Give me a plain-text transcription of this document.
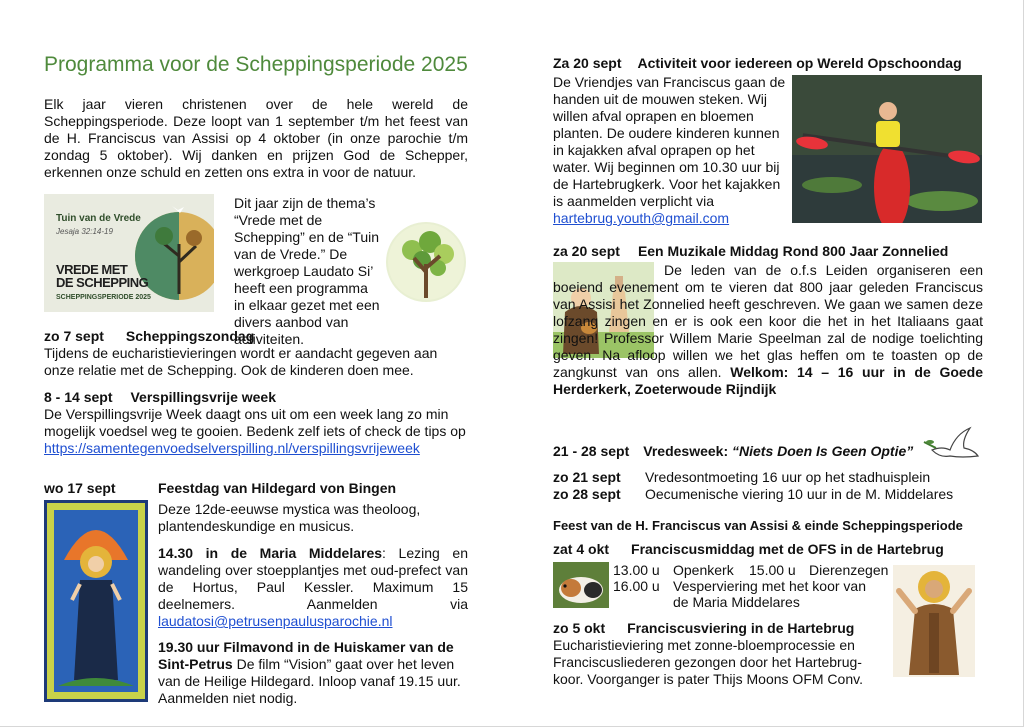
Programma voor de Scheppingsperiode 2025

Elk jaar vieren christenen over de hele wereld de Scheppingsperiode. Deze loopt van 1 september t/m het feest van de H. Franciscus van Assisi op 4 oktober (in onze parochie t/m zondag 5 oktober). Wij danken en prijzen God de Schepper, erkennen onze schuld en zetten ons extra in voor de natuur.

Tuin van de Vrede
Jesaja 32:14-19
VREDE MET
DE SCHEPPING
SCHEPPINGSPERIODE 2025

Dit jaar zijn de thema’s “Vrede met de Schepping” en de “Tuin van de Vrede.” De werkgroep Laudato Si’ heeft een programma in elkaar gezet met een divers aanbod van activiteiten.

zo 7 sept Scheppingszondag

Tijdens de eucharistievieringen wordt er aandacht gegeven aan onze relatie met de Schepping. Ook de kinderen doen mee.

8 - 14 sept Verspillingsvrije week

De Verspillingsvrije Week daagt ons uit om een week lang zo min mogelijk voedsel weg te gooien. Bedenk zelf iets of check de tips op https://samentegenvoedselverspilling.nl/verspillingsvrijeweek

wo 17 sept	Feestdag van Hildegard von Bingen

Deze 12de-eeuwse mystica was theoloog, plantendeskundige en musicus.

14.30 in de Maria Middelares: Lezing en wandeling over stoepplantjes met oud-prefect van de Hortus, Paul Kessler. Maximum 15 deelnemers. Aanmelden via laudatosi@petrusenpaulusparochie.nl

19.30 uur Filmavond in de Huiskamer van de Sint-Petrus De film “Vision” gaat over het leven van de Heilige Hildegard. Inloop vanaf 19.15 uur. Aanmelden niet nodig.

Za 20 sept Activiteit voor iedereen op Wereld Opschoondag

De Vriendjes van Franciscus gaan de handen uit de mouwen steken. Wij willen afval oprapen en bloemen planten. De oudere kinderen kunnen in kajakken afval oprapen op het water. Wij beginnen om 10.30 uur bij de Hartebrugkerk. Voor het kajakken is aanmelden verplicht via hartebrug.youth@gmail.com

za 20 sept Een Muzikale Middag Rond 800 Jaar Zonnelied

De leden van de o.f.s Leiden organiseren een boeiend evenement om te vieren dat 800 jaar geleden Franciscus van Assisi het Zonnelied heeft geschreven. We gaan we samen deze lofzang zingen en er is ook een koor die het in het Italiaans gaat zingen! Professor Willem Marie Speelman zal de nodige toelichting geven. Na afloop willen we het glas heffen om te toasten op de zangkunst van ons allen. Welkom: 14 – 16 uur in de Goede Herderkerk, Zoeterwoude Rijndijk

21 - 28 sept Vredesweek: “Niets Doen Is Geen Optie”
zo 21 sept Vredesontmoeting 16 uur op het stadhuisplein
zo 28 sept Oecumenische viering 10 uur in de M. Middelares
Feest van de H. Franciscus van Assisi & einde Scheppingsperiode
zat 4 okt Franciscusmiddag met de OFS in de Hartebrug
13.00 u Openkerk 15.00 u Dierenzegen
16.00 u Vesperviering met het koor van
de Maria Middelares
zo 5 okt Franciscusviering in de Hartebrug

Eucharistieviering met zonne-bloemprocessie en Franciscusliederen gezongen door het Hartebrug-koor. Voorganger is pater Thijs Moons OFM Conv.
